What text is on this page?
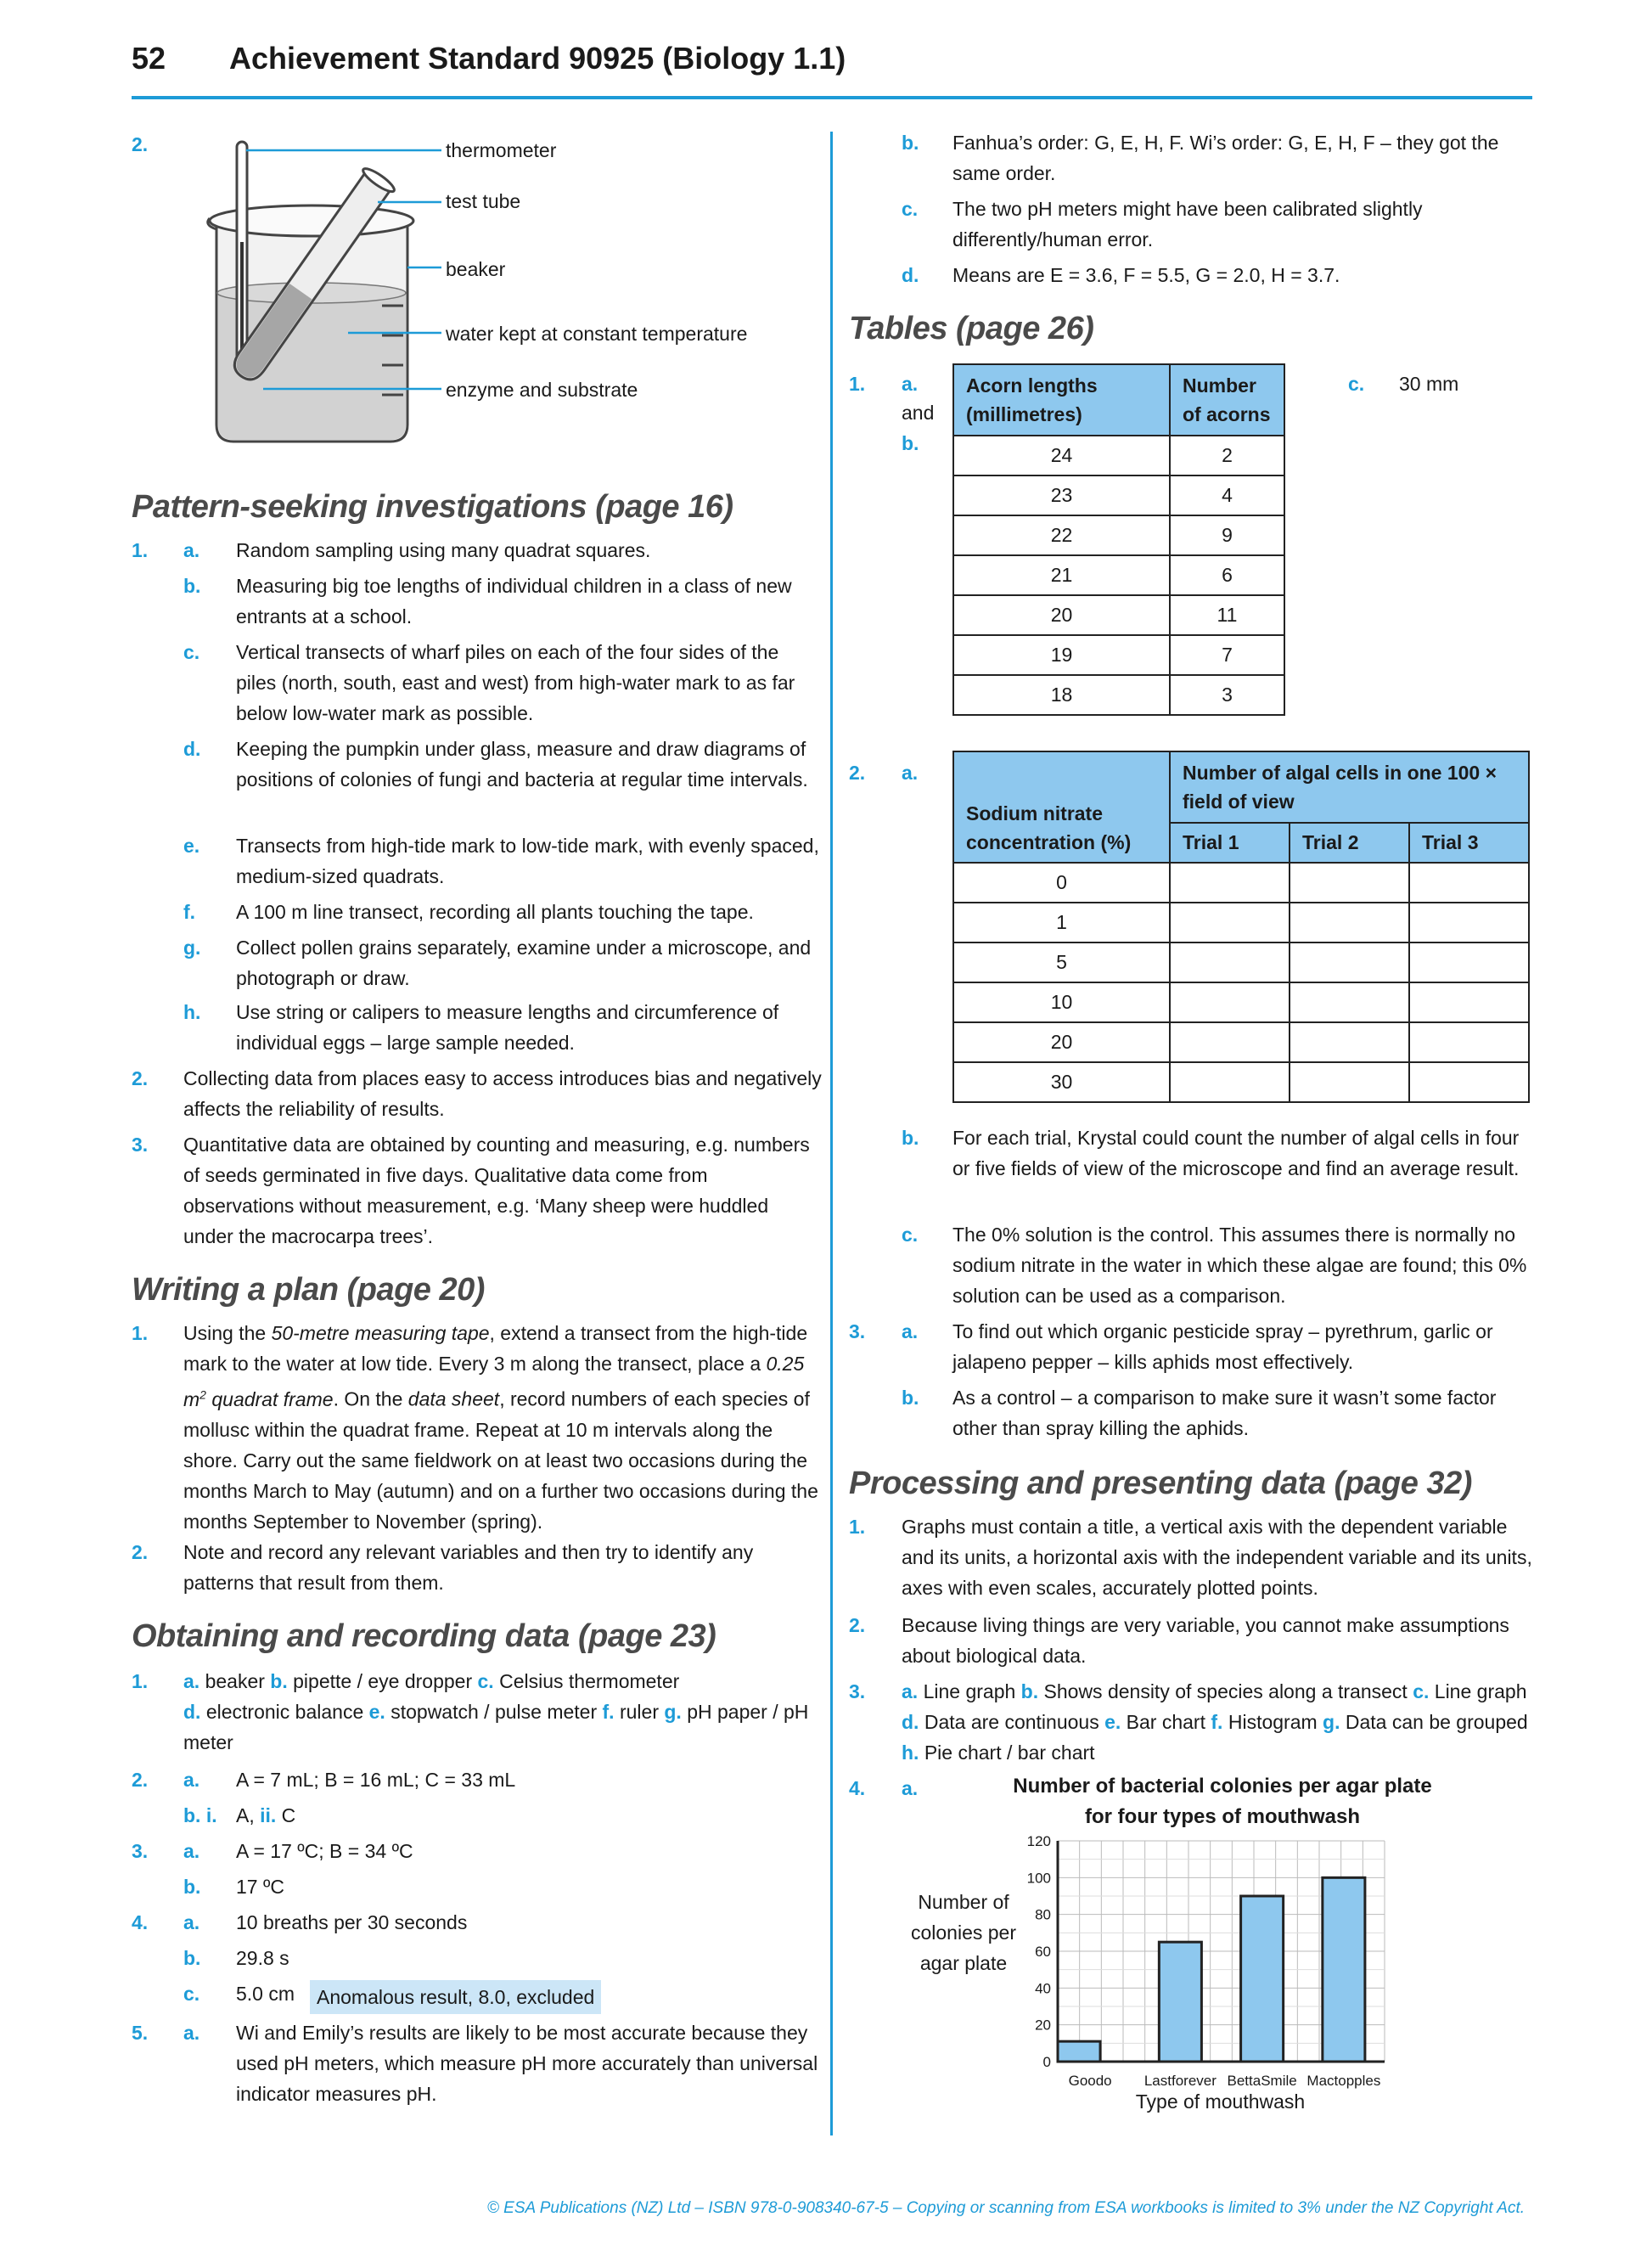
52 Achievement Standard 90925 (Biology 1.1)
2.	thermometer
test tube
beaker
water kept at constant temperature
enzyme and substrate
Pattern-seeking investigations (page 16)
1. a. Random sampling using many quadrat squares.
b. Measuring big toe lengths of individual children in a class of new entrants at a school.
c. Vertical transects of wharf piles on each of the four sides of the piles (north, south, east and west) from high-water mark to as far below low-water mark as possible.
d. Keeping the pumpkin under glass, measure and draw diagrams of positions of colonies of fungi and bacteria at regular time intervals.
e. Transects from high-tide mark to low-tide mark, with evenly spaced, medium-sized quadrats.
f. A 100 m line transect, recording all plants touching the tape.
g. Collect pollen grains separately, examine under a microscope, and photograph or draw.
h. Use string or calipers to measure lengths and circumference of individual eggs – large sample needed.
2. Collecting data from places easy to access introduces bias and negatively affects the reliability of results.
3. Quantitative data are obtained by counting and measuring, e.g. numbers of seeds germinated in five days. Qualitative data come from observations without measurement, e.g. ‘Many sheep were huddled under the macrocarpa trees’.
Writing a plan (page 20)
1. Using the 50-metre measuring tape, extend a transect from the high-tide mark to the water at low tide. Every 3 m along the transect, place a 0.25 $m^2$ quadrat frame. On the data sheet, record numbers of each species of mollusc within the quadrat frame. Repeat at 10 m intervals along the shore. Carry out the same fieldwork on at least two occasions during the months March to May (autumn) and on a further two occasions during the months September to November (spring).
2. Note and record any relevant variables and then try to identify any patterns that result from them.
Obtaining and recording data (page 23)
1. a. beaker b. pipette / eye dropper c. Celsius thermometer
d. electronic balance e. stopwatch / pulse meter f. ruler g. pH paper / pH meter
2. a. A = 7 mL; B = 16 mL; C = 33 mL
b. i. A, ii. C
3. a. A = 17 ºC; B = 34 ºC
b. 17 ºC
4. a. 10 breaths per 30 seconds
b. 29.8 s
c. 5.0 cm	Anomalous result, 8.0, excluded
5. a. Wi and Emily’s results are likely to be most accurate because they used pH meters, which measure pH more accurately than universal indicator measures pH.
b. Fanhua’s order: G, E, H, F. Wi’s order: G, E, H, F – they got the same order.
c. The two pH meters might have been calibrated slightly differently/human error.
d. Means are E = 3.6, F = 5.5, G = 2.0, H = 3.7.
Tables (page 26)
1. a.
and
b.
c. 30 mm
Acorn lengths (millimetres)	Number of acorns
24	2
23	4
22	9
21	6
20	11
19	7
18	3
2. a.
Sodium nitrate concentration (%)	Number of algal cells in one 100 × field of view		
	Trial 1	Trial 2	Trial 3
0			
1			
5			
10			
20			
30			
b. For each trial, Krystal could count the number of algal cells in four or five fields of view of the microscope and find an average result.
c. The 0% solution is the control. This assumes there is normally no sodium nitrate in the water in which these algae are found; this 0% solution can be used as a comparison.
3. a. To find out which organic pesticide spray – pyrethrum, garlic or jalapeno pepper – kills aphids most effectively.
b. As a control – a comparison to make sure it wasn’t some factor other than spray killing the aphids.
Processing and presenting data (page 32)
1. Graphs must contain a title, a vertical axis with the dependent variable and its units, a horizontal axis with the independent variable and its units, axes with even scales, accurately plotted points.
2. Because living things are very variable, you cannot make assumptions about biological data.
3. a. Line graph b. Shows density of species along a transect c. Line graph d. Data are continuous e. Bar chart f. Histogram g. Data can be grouped h. Pie chart / bar chart
4. a.	Number of bacterial colonies per agar plate
for four types of mouthwash
Number of
colonies per
agar plate
0
20
40
60
80
100
120
Goodo Lastforever BettaSmile Mactopples
Type of mouthwash
© ESA Publications (NZ) Ltd – ISBN 978-0-908340-67-5 – Copying or scanning from ESA workbooks is limited to 3% under the NZ Copyright Act.
